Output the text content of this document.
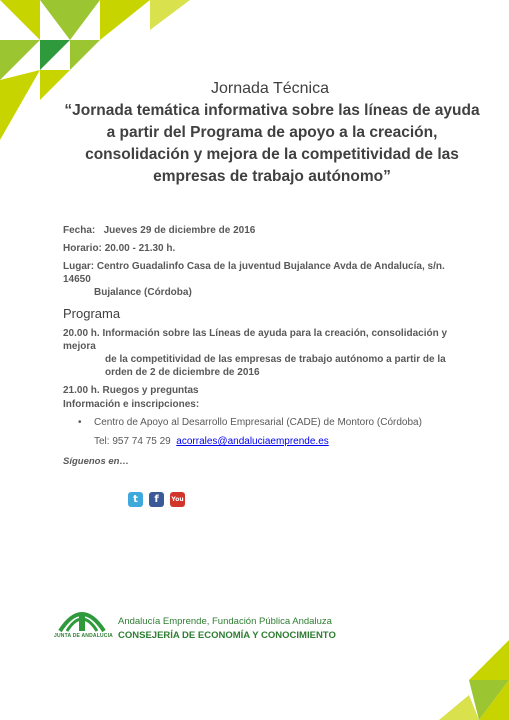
Jornada Técnica
“Jornada temática informativa sobre las líneas de ayuda a partir del Programa de apoyo a la creación, consolidación y mejora de la competitividad de las empresas de trabajo autónomo”
Fecha: Jueves 29 de diciembre de 2016
Horario: 20.00 - 21.30 h.
Lugar: Centro Guadalinfo Casa de la juventud Bujalance Avda de Andalucía, s/n. 14650
Bujalance (Córdoba)
Programa
20.00 h. Información sobre las Líneas de ayuda para la creación, consolidación y mejora
de la competitividad de las empresas de trabajo autónomo a partir de la orden de 2 de diciembre de 2016
21.00 h. Ruegos y preguntas
Información e inscripciones:
• Centro de Apoyo al Desarrollo Empresarial (CADE) de Montoro (Córdoba)
Tel: 957 74 75 29 acorrales@andaluciaemprende.es
Síguenos en…
t	f	You
JUNTA DE ANDALUCIA
Andalucía Emprende, Fundación Pública Andaluza
CONSEJERÍA DE ECONOMÍA Y CONOCIMIENTO
